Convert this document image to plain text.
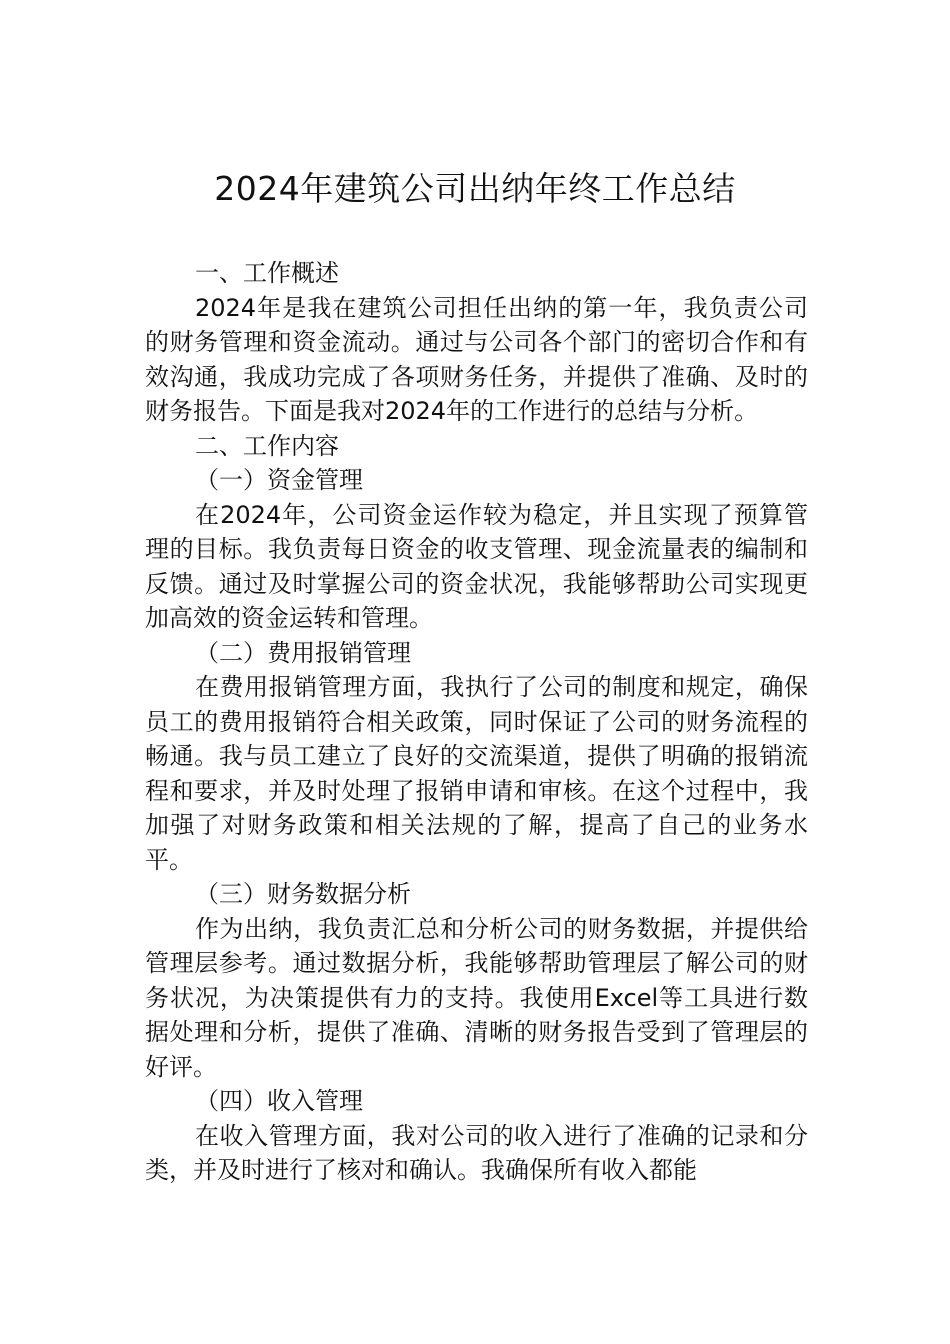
2024年建筑公司出纳年终工作总结

一、工作概述

2024年是我在建筑公司担任出纳的第一年，我负责公司的财务管理和资金流动。通过与公司各个部门的密切合作和有效沟通，我成功完成了各项财务任务，并提供了准确、及时的财务报告。下面是我对2024年的工作进行的总结与分析。

二、工作内容

（一）资金管理

在2024年，公司资金运作较为稳定，并且实现了预算管理的目标。我负责每日资金的收支管理、现金流量表的编制和反馈。通过及时掌握公司的资金状况，我能够帮助公司实现更加高效的资金运转和管理。

（二）费用报销管理

在费用报销管理方面，我执行了公司的制度和规定，确保员工的费用报销符合相关政策，同时保证了公司的财务流程的畅通。我与员工建立了良好的交流渠道，提供了明确的报销流程和要求，并及时处理了报销申请和审核。在这个过程中，我加强了对财务政策和相关法规的了解，提高了自己的业务水平。

（三）财务数据分析

作为出纳，我负责汇总和分析公司的财务数据，并提供给管理层参考。通过数据分析，我能够帮助管理层了解公司的财务状况，为决策提供有力的支持。我使用Excel等工具进行数据处理和分析，提供了准确、清晰的财务报告受到了管理层的好评。

（四）收入管理

在收入管理方面，我对公司的收入进行了准确的记录和分类，并及时进行了核对和确认。我确保所有收入都能
